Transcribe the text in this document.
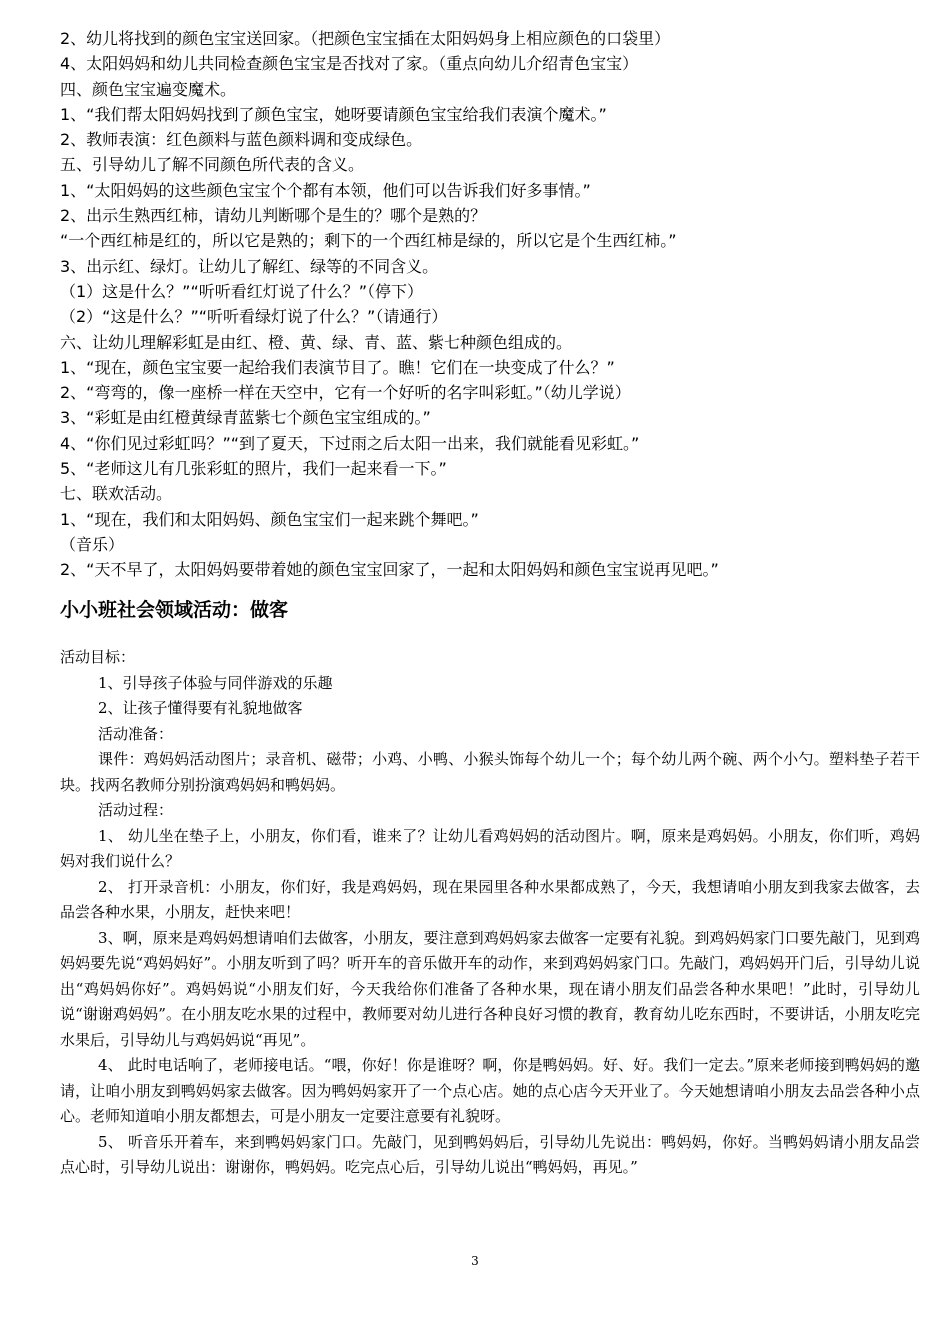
2、幼儿将找到的颜色宝宝送回家。（把颜色宝宝插在太阳妈妈身上相应颜色的口袋里）
4、太阳妈妈和幼儿共同检查颜色宝宝是否找对了家。（重点向幼儿介绍青色宝宝）
四、颜色宝宝遍变魔术。
1、“我们帮太阳妈妈找到了颜色宝宝，她呀要请颜色宝宝给我们表演个魔术。”
2、教师表演：红色颜料与蓝色颜料调和变成绿色。
五、引导幼儿了解不同颜色所代表的含义。
1、“太阳妈妈的这些颜色宝宝个个都有本领，他们可以告诉我们好多事情。”
2、出示生熟西红柿，请幼儿判断哪个是生的？哪个是熟的？
“一个西红柿是红的，所以它是熟的；剩下的一个西红柿是绿的，所以它是个生西红柿。”
3、出示红、绿灯。让幼儿了解红、绿等的不同含义。
（1）这是什么？”“听听看红灯说了什么？”（停下）
（2）“这是什么？”“听听看绿灯说了什么？”（请通行）
六、让幼儿理解彩虹是由红、橙、黄、绿、青、蓝、紫七种颜色组成的。
1、“现在，颜色宝宝要一起给我们表演节目了。瞧！它们在一块变成了什么？”
2、“弯弯的，像一座桥一样在天空中，它有一个好听的名字叫彩虹。”（幼儿学说）
3、“彩虹是由红橙黄绿青蓝紫七个颜色宝宝组成的。”
4、“你们见过彩虹吗？”“到了夏天，下过雨之后太阳一出来，我们就能看见彩虹。”
5、“老师这儿有几张彩虹的照片，我们一起来看一下。”
七、联欢活动。
1、“现在，我们和太阳妈妈、颜色宝宝们一起来跳个舞吧。”
（音乐）
2、“天不早了，太阳妈妈要带着她的颜色宝宝回家了，一起和太阳妈妈和颜色宝宝说再见吧。”
小小班社会领域活动：做客
活动目标：
1、引导孩子体验与同伴游戏的乐趣
2、让孩子懂得要有礼貌地做客
活动准备：

课件：鸡妈妈活动图片；录音机、磁带；小鸡、小鸭、小猴头饰每个幼儿一个；每个幼儿两个碗、两个小勺。塑料垫子若干块。找两名教师分别扮演鸡妈妈和鸭妈妈。

活动过程：

1、 幼儿坐在垫子上，小朋友，你们看，谁来了？让幼儿看鸡妈妈的活动图片。啊，原来是鸡妈妈。小朋友，你们听，鸡妈妈对我们说什么？

2、 打开录音机：小朋友，你们好，我是鸡妈妈，现在果园里各种水果都成熟了，今天，我想请咱小朋友到我家去做客，去品尝各种水果，小朋友，赶快来吧！

3、啊，原来是鸡妈妈想请咱们去做客，小朋友，要注意到鸡妈妈家去做客一定要有礼貌。到鸡妈妈家门口要先敲门，见到鸡妈妈要先说“鸡妈妈好”。小朋友听到了吗？听开车的音乐做开车的动作，来到鸡妈妈家门口。先敲门，鸡妈妈开门后，引导幼儿说出“鸡妈妈你好”。鸡妈妈说“小朋友们好，今天我给你们准备了各种水果，现在请小朋友们品尝各种水果吧！”此时，引导幼儿说“谢谢鸡妈妈”。在小朋友吃水果的过程中，教师要对幼儿进行各种良好习惯的教育，教育幼儿吃东西时，不要讲话，小朋友吃完水果后，引导幼儿与鸡妈妈说“再见”。

4、 此时电话响了，老师接电话。“喂，你好！你是谁呀？啊，你是鸭妈妈。好、好。我们一定去。”原来老师接到鸭妈妈的邀请，让咱小朋友到鸭妈妈家去做客。因为鸭妈妈家开了一个点心店。她的点心店今天开业了。今天她想请咱小朋友去品尝各种小点心。老师知道咱小朋友都想去，可是小朋友一定要注意要有礼貌呀。

5、 听音乐开着车，来到鸭妈妈家门口。先敲门，见到鸭妈妈后，引导幼儿先说出：鸭妈妈，你好。当鸭妈妈请小朋友品尝点心时，引导幼儿说出：谢谢你，鸭妈妈。吃完点心后，引导幼儿说出“鸭妈妈，再见。”

3
